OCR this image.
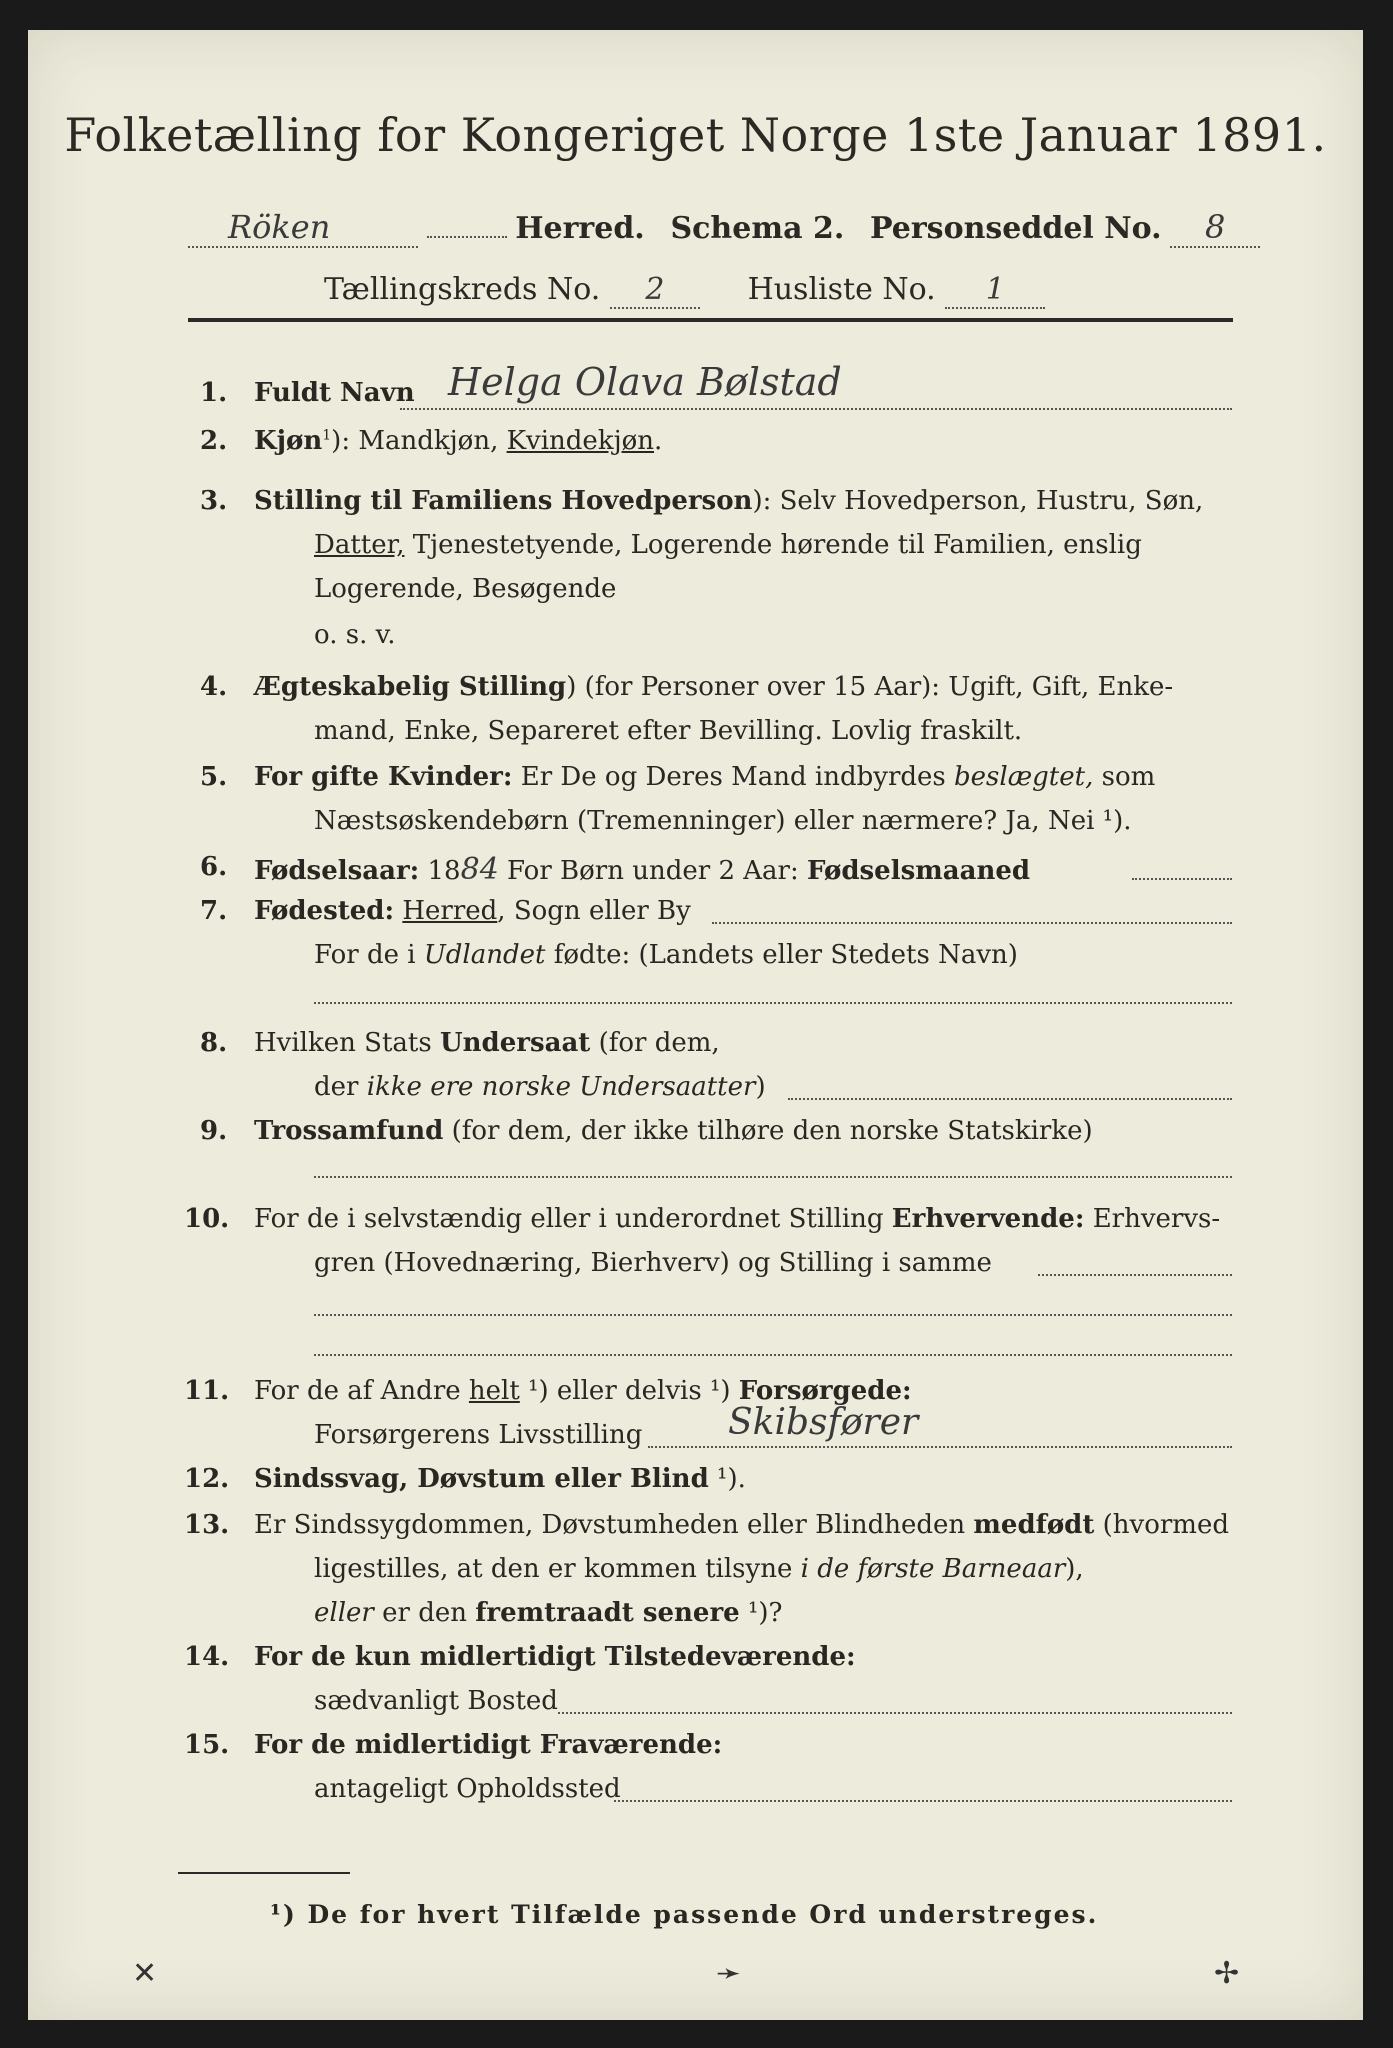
Folketælling for Kongeriget Norge 1ste Januar 1891.
Röken	Herred. Schema 2. Personseddel No. 8
Tællingskreds No. 2	Husliste No. 1
1. Fuldt Navn Helga Olava Bølstad
2. Kjøn$^1$): Mandkjøn, Kvindekjøn.
3. Stilling til Familiens Hovedperson): Selv Hovedperson, Hustru, Søn,
Datter, Tjenestetyende, Logerende hørende til Familien, enslig
Logerende, Besøgende
o. s. v.
4. Ægteskabelig Stilling) (for Personer over 15 Aar): Ugift, Gift, Enke-
mand, Enke, Separeret efter Bevilling. Lovlig fraskilt.
5. For gifte Kvinder: Er De og Deres Mand indbyrdes beslægtet, som
Næstsøskendebørn (Tremenninger) eller nærmere? Ja, Nei ¹).
6. Fødselsaar: 1884 For Børn under 2 Aar: Fødselsmaaned
7. Fødested: Herred, Sogn eller By
For de i Udlandet fødte: (Landets eller Stedets Navn)
8. Hvilken Stats Undersaat (for dem,
der ikke ere norske Undersaatter)
9. Trossamfund (for dem, der ikke tilhøre den norske Statskirke)
10. For de i selvstændig eller i underordnet Stilling Erhvervende: Erhvervs-
gren (Hovednæring, Bierhverv) og Stilling i samme
11. For de af Andre helt ¹) eller delvis ¹) Forsørgede:
Forsørgerens Livsstilling Skibsfører
12. Sindssvag, Døvstum eller Blind ¹).
13. Er Sindssygdommen, Døvstumheden eller Blindheden medfødt (hvormed
ligestilles, at den er kommen tilsyne i de første Barneaar),
eller er den fremtraadt senere ¹)?
14. For de kun midlertidigt Tilstedeværende:
sædvanligt Bosted
15. For de midlertidigt Fraværende:
antageligt Opholdssted
¹) De for hvert Tilfælde passende Ord understreges.
✕	➛	✢
